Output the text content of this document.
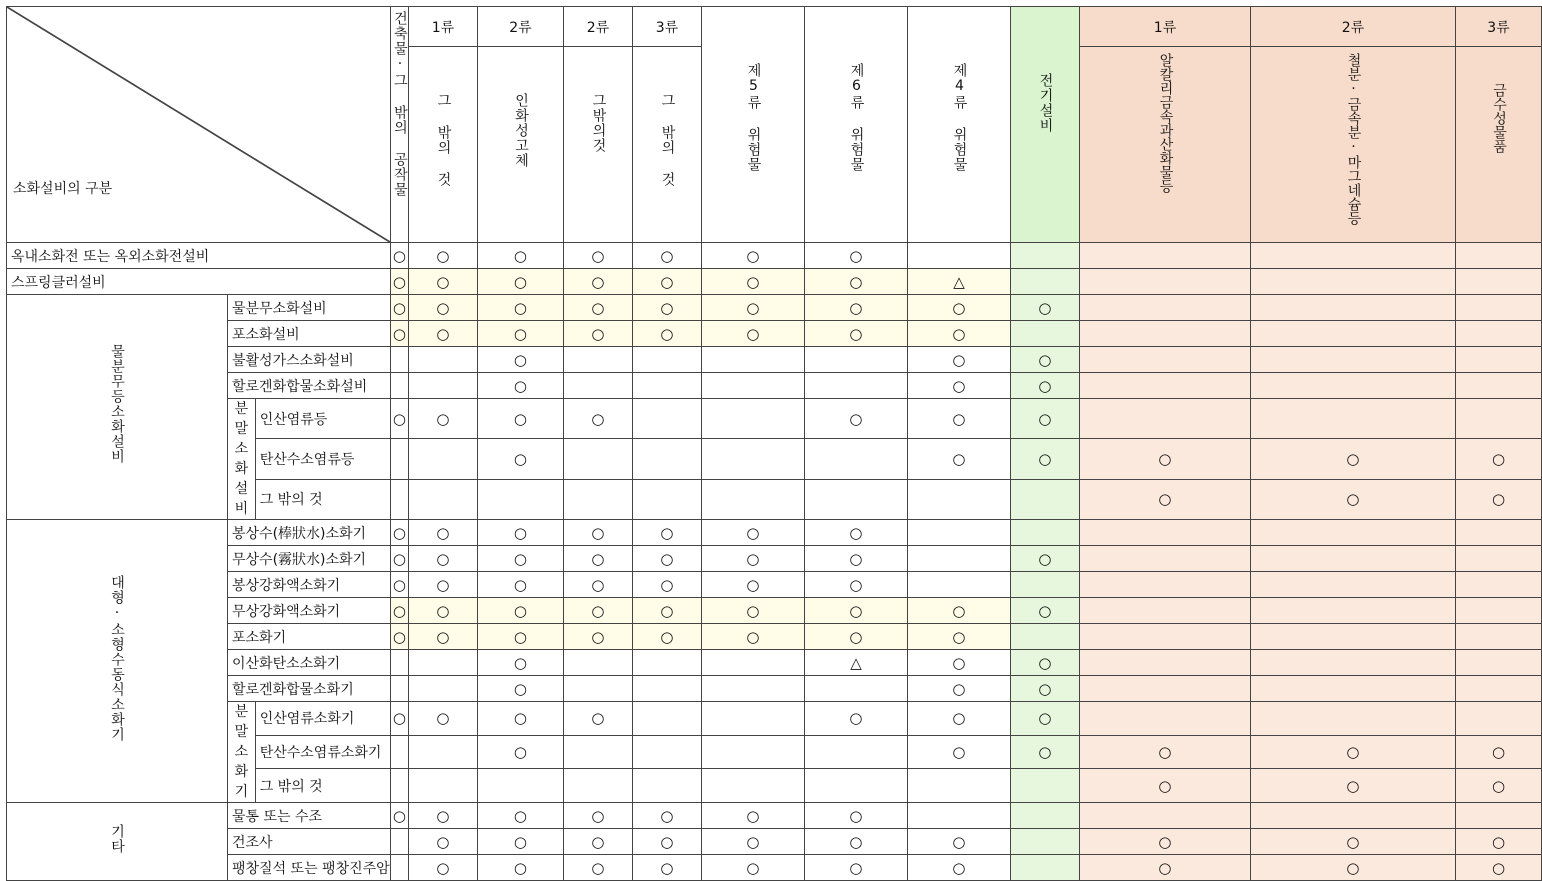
소화설비의 구분			건축물·그 밖의 공작물	1류	2류	2류	3류	제5류 위험물	제6류 위험물	제4류 위험물	전기설비	1류	2류	3류
				그 밖의 것	인화성고체	그밖의것	그 밖의 것					알칼리금속과산화물등	철분·금속분·마그네슘등	금수성물품
옥내소화전 또는 옥외소화전설비			○	○	○	○	○	○	○					
스프링클러설비			○	○	○	○	○	○	○	△				
물분무등소화설비	물분무소화설비		○	○	○	○	○	○	○	○	○			
	포소화설비		○	○	○	○	○	○	○	○				
	불활성가스소화설비				○					○	○			
	할로겐화합물소화설비				○					○	○			
	분말소화설비	인산염류등	○	○	○	○			○	○	○			
		탄산수소염류등			○					○	○	○	○	○
		그 밖의 것										○	○	○
대형·소형수동식소화기	봉상수(棒狀水)소화기		○	○	○	○	○	○	○					
	무상수(霧狀水)소화기		○	○	○	○	○	○	○		○			
	봉상강화액소화기		○	○	○	○	○	○	○					
	무상강화액소화기		○	○	○	○	○	○	○	○	○			
	포소화기		○	○	○	○	○	○	○	○				
	이산화탄소소화기				○				△	○	○			
	할로겐화합물소화기				○					○	○			
	분말소화기	인산염류소화기	○	○	○	○			○	○	○			
		탄산수소염류소화기			○					○	○	○	○	○
		그 밖의 것										○	○	○
기타	물통 또는 수조		○	○	○	○	○	○	○					
	건조사			○	○	○	○	○	○	○		○	○	○
	팽창질석 또는 팽창진주암			○	○	○	○	○	○	○		○	○	○
